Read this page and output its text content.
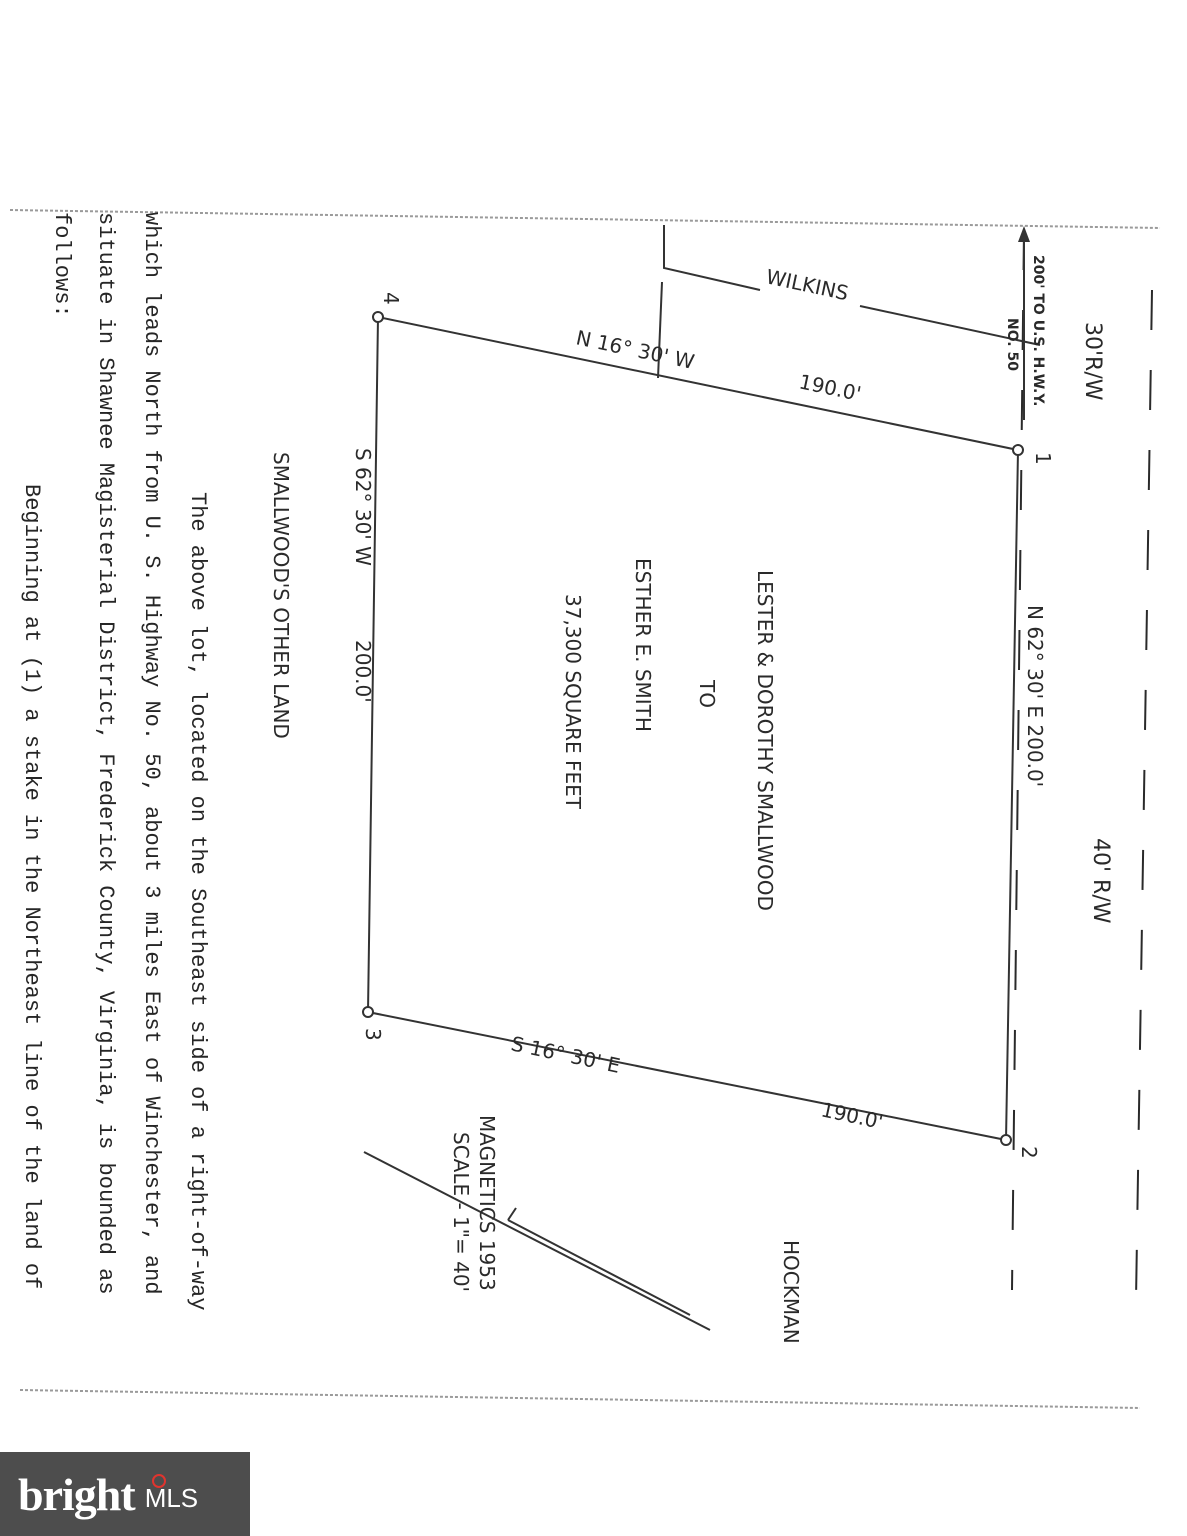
30'R/W
40' R/W
200' TO U.S. H.W.Y.
NO. 50
WILKINS
HOCKMAN
1
2
3
4
N 16° 30' W
190.0'
N 62° 30' E 200.0'
S 16° 30' E
190.0'
S 62° 30' W
200.0'	LESTER & DOROTHY SMALLWOOD
TO
ESTHER E. SMITH
37,300 SQUARE FEET
SMALLWOOD'S OTHER LAND
MAGNETICS 1953
SCALE - 1"= 40'
The above lot, located on the Southeast side of a right-of-way
which leads North from U. S. Highway No. 50, about 3 miles East of Winchester, and
situate in Shawnee Magisterial District, Frederick County, Virginia, is bounded as
follows:
Beginning at (1) a stake in the Northeast line of the land of
bright MLS
